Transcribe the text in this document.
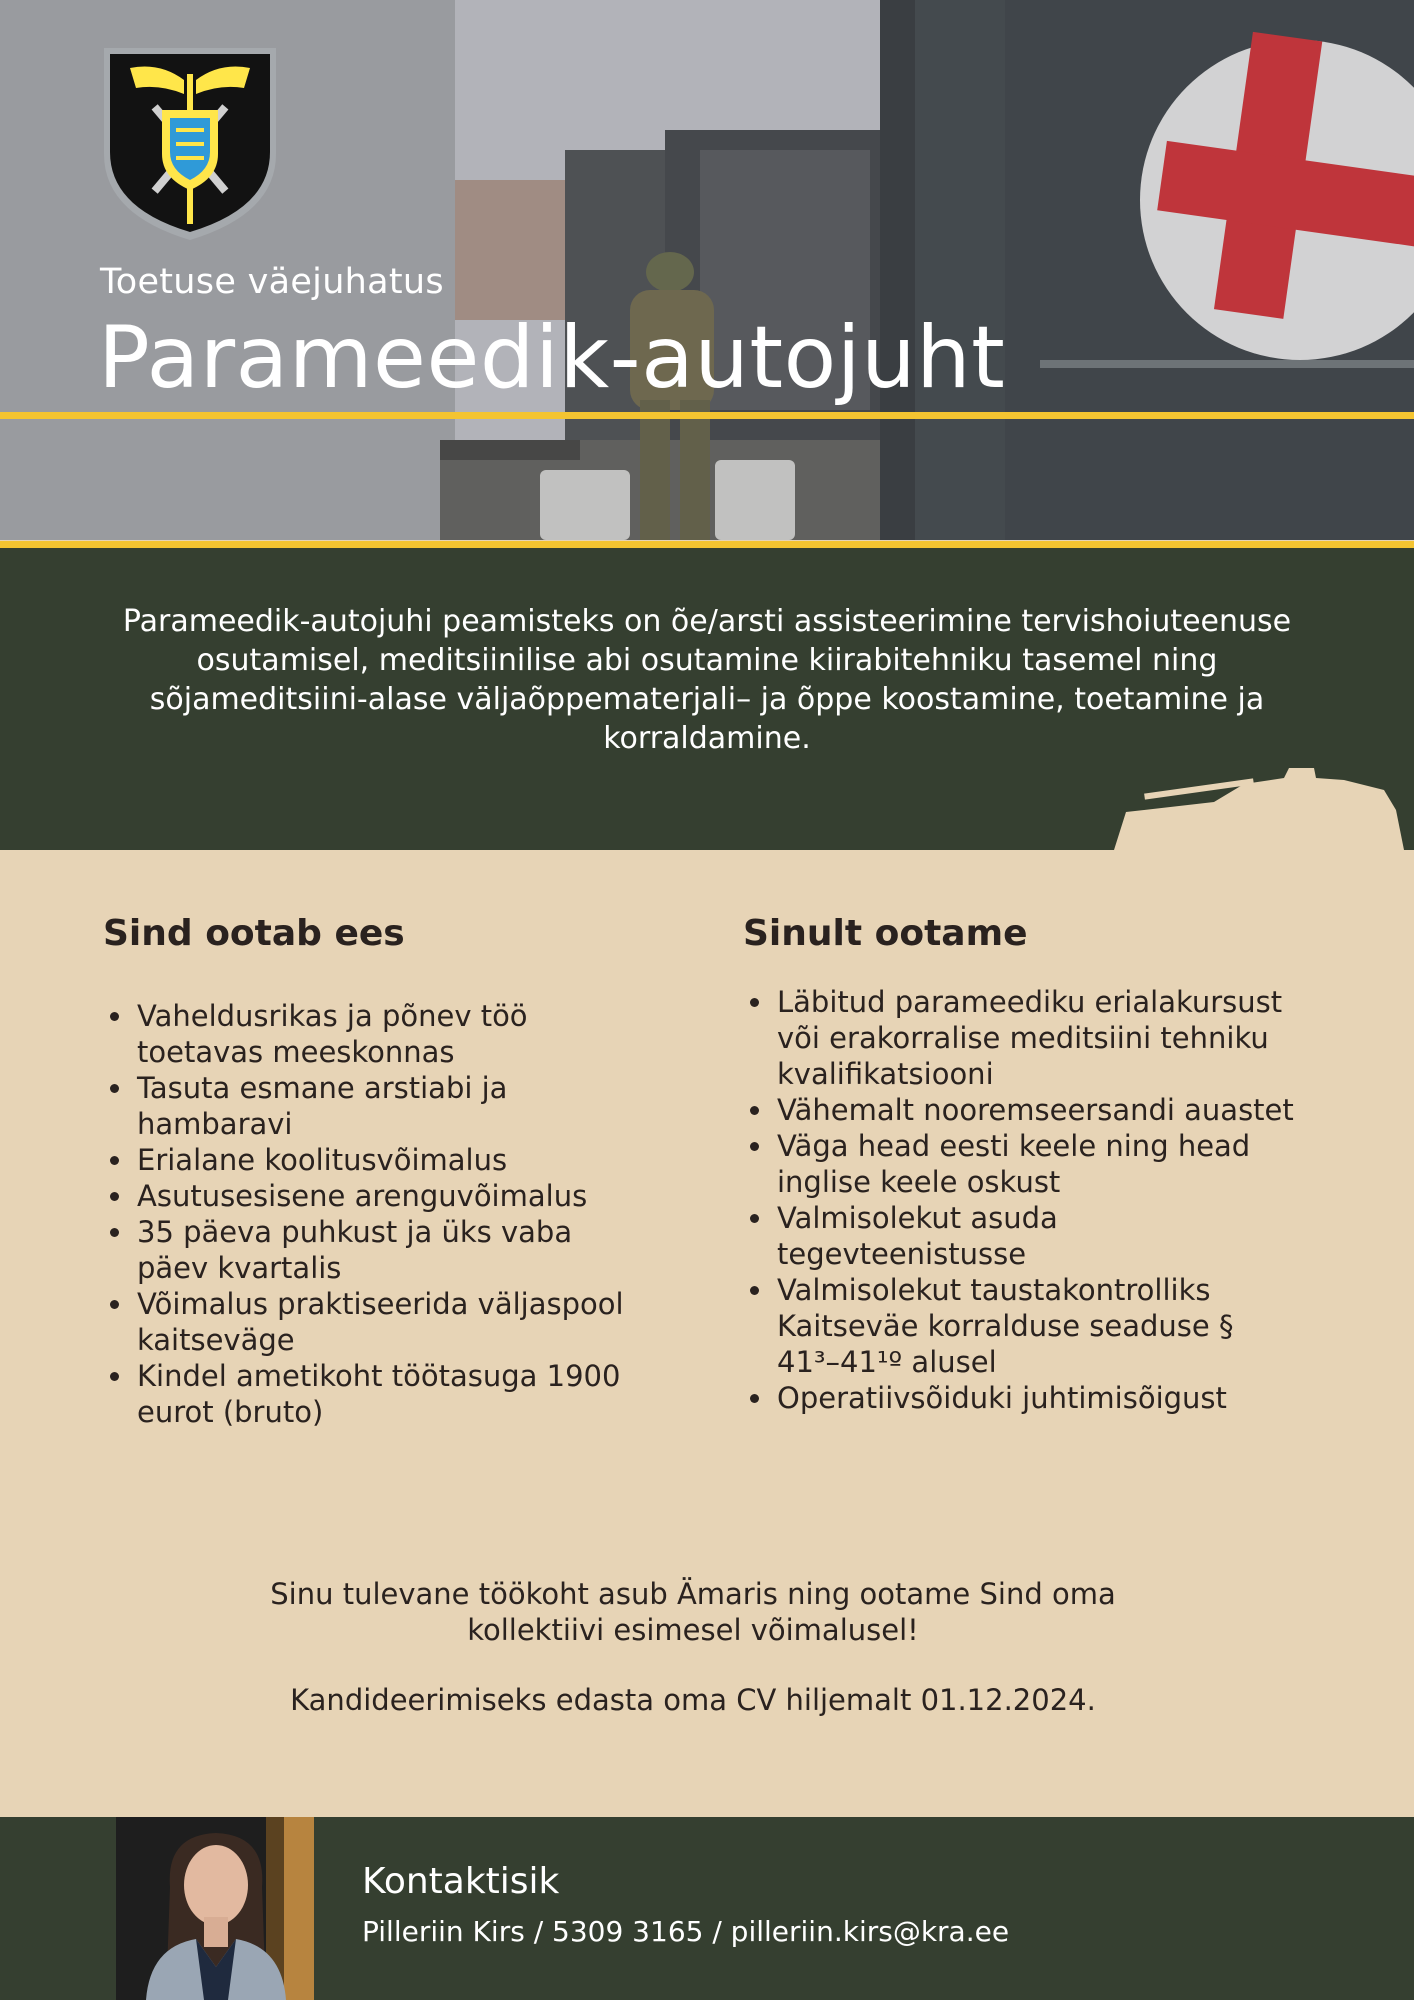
Toetuse väejuhatus
Parameedik-autojuht

Parameedik-autojuhi peamisteks on õe/arsti assisteerimine tervishoiuteenuse osutamisel, meditsiinilise abi osutamine kiirabitehniku tasemel ning sõjameditsiini-alase väljaõppematerjali– ja õppe koostamine, toetamine ja korraldamine.

Sind ootab ees
• Vaheldusrikas ja põnev töö toetavas meeskonnas
• Tasuta esmane arstiabi ja hambaravi
• Erialane koolitusvõimalus
• Asutusesisene arenguvõimalus
• 35 päeva puhkust ja üks vaba päev kvartalis
• Võimalus praktiseerida väljaspool kaitseväge
• Kindel ametikoht töötasuga 1900 eurot (bruto)
Sinult ootame
• Läbitud parameediku erialakursust või erakorralise meditsiini tehniku kvalifikatsiooni
• Vähemalt nooremseersandi auastet
• Väga head eesti keele ning head inglise keele oskust
• Valmisolekut asuda tegevteenistusse
• Valmisolekut taustakontrolliks Kaitseväe korralduse seaduse § 41³–41¹º alusel
• Operatiivsõiduki juhtimisõigust

Sinu tulevane töökoht asub Ämaris ning ootame Sind oma kollektiivi esimesel võimalusel!

Kandideerimiseks edasta oma CV hiljemalt 01.12.2024.

Kontaktisik
Pilleriin Kirs / 5309 3165 / pilleriin.kirs@kra.ee
